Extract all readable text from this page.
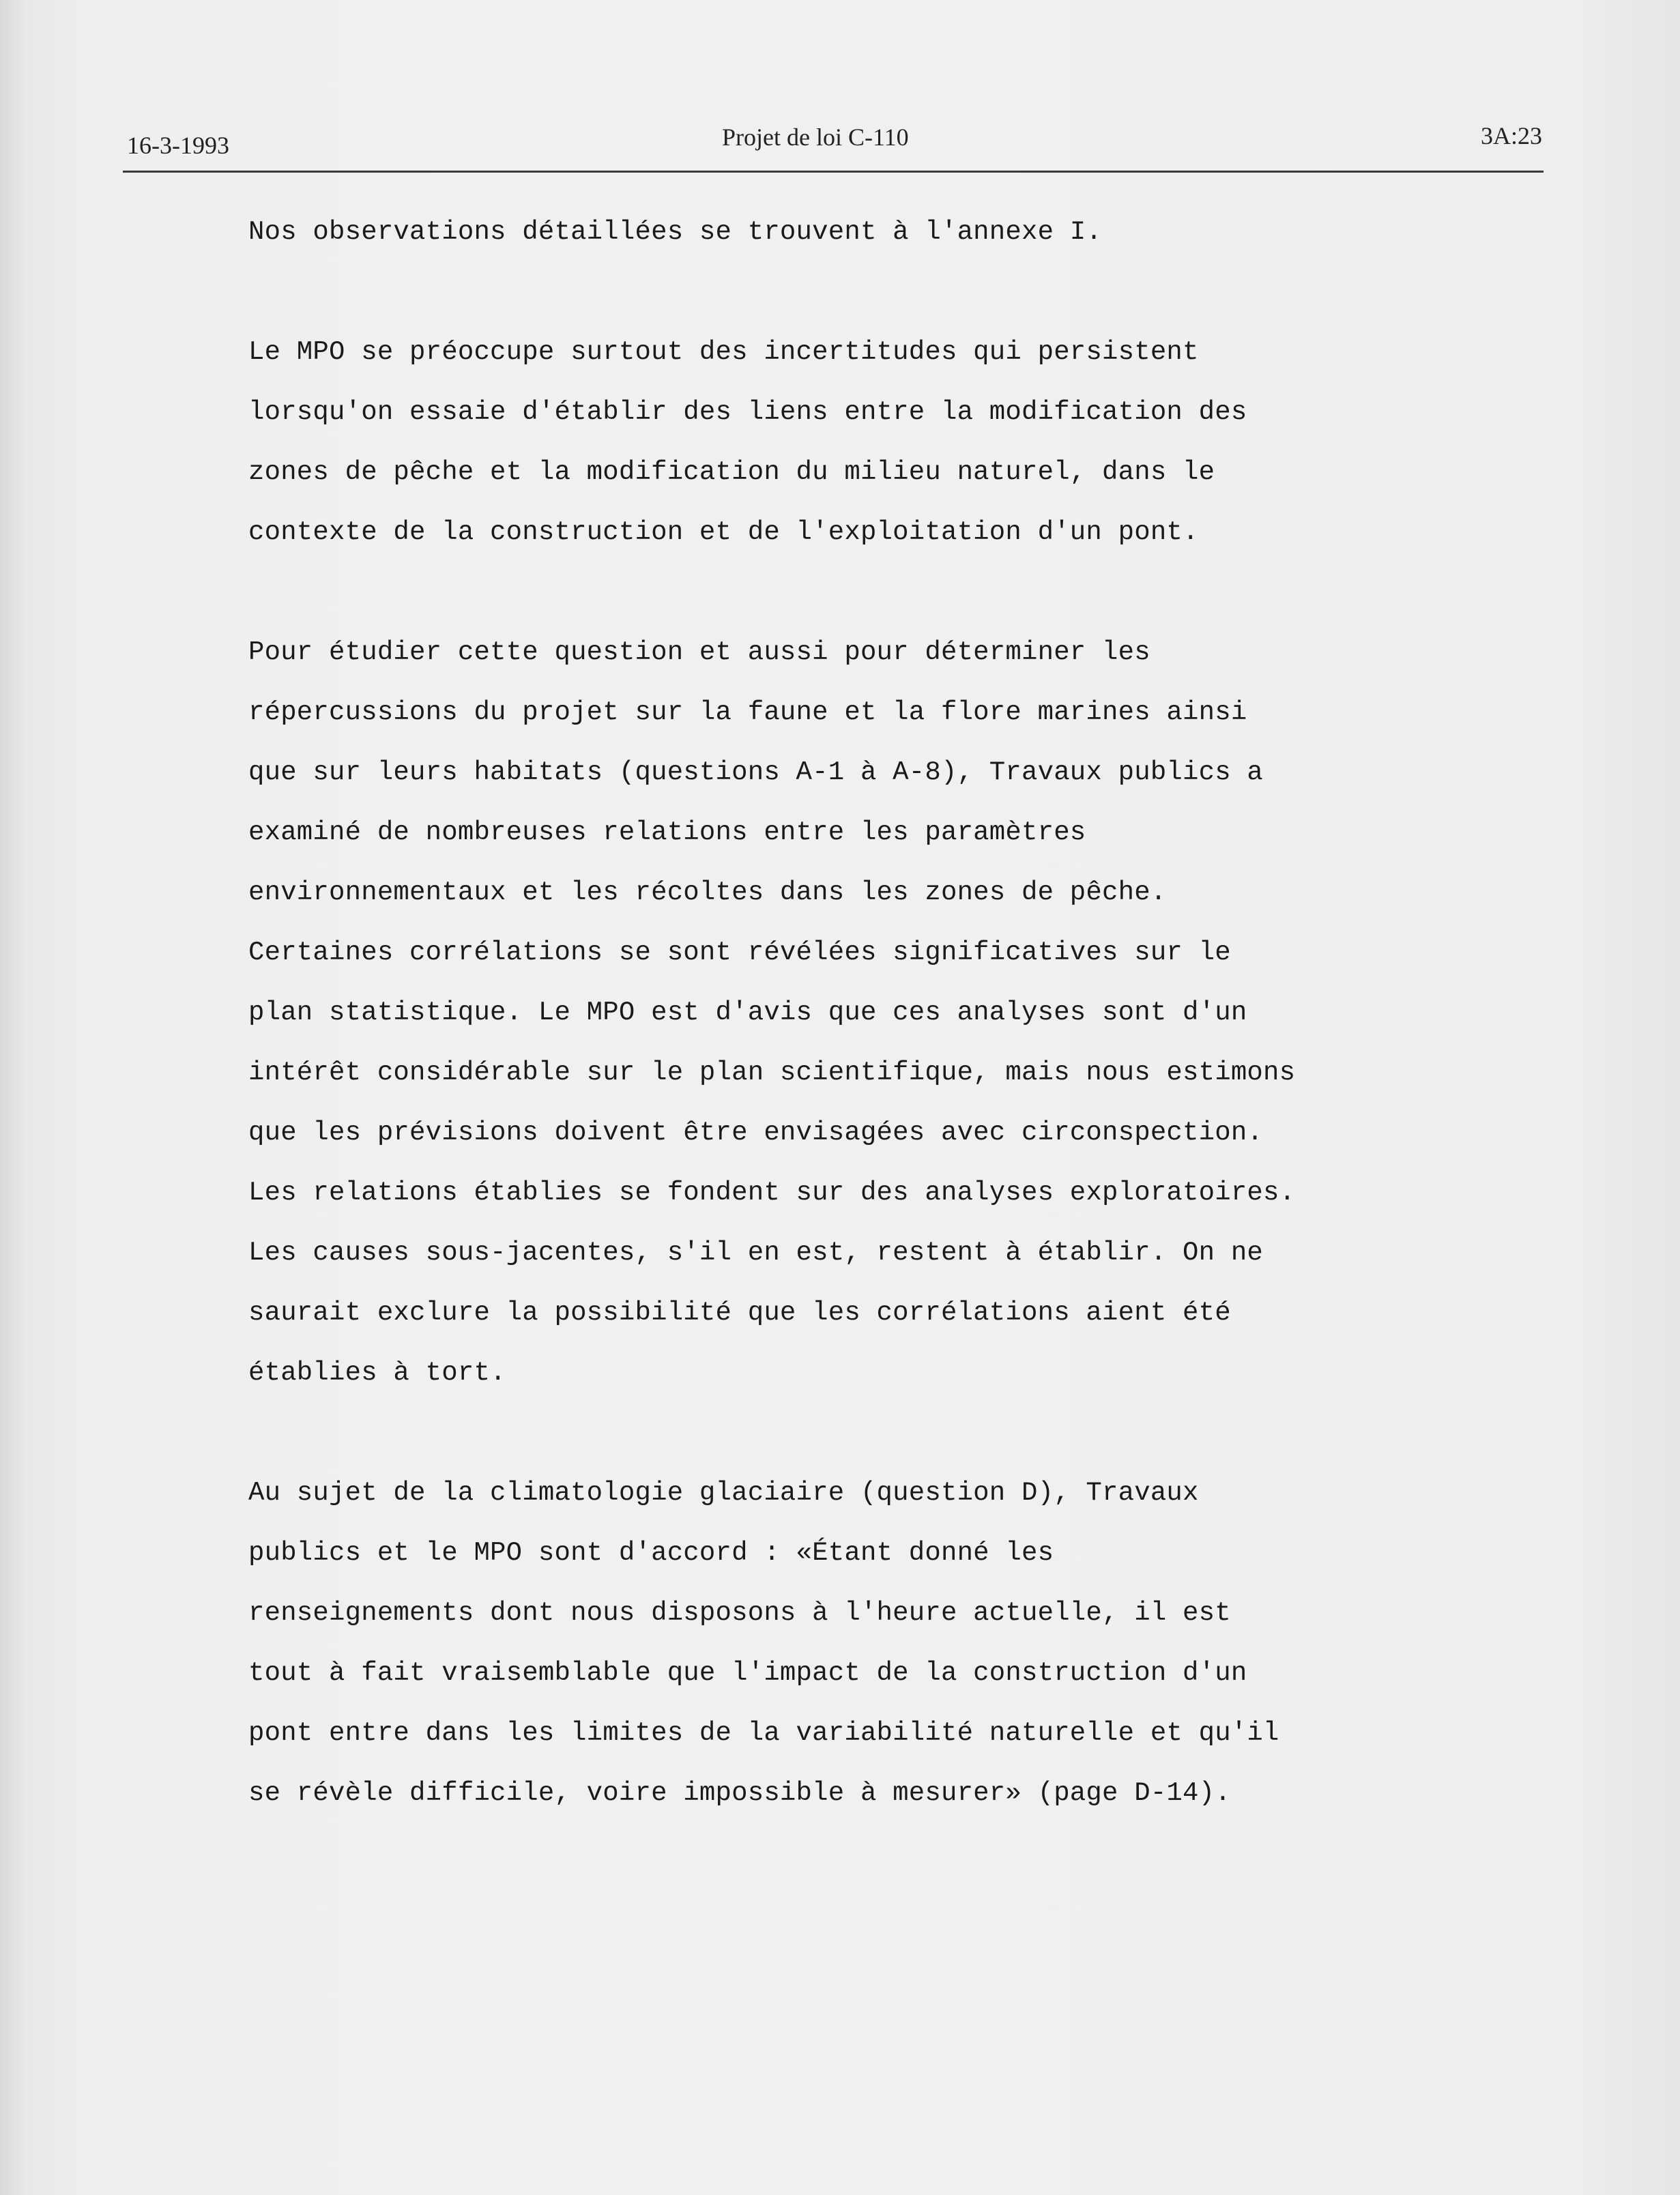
16-3-1993	Projet de loi C-110	3A:23
Nos observations détaillées se trouvent à l'annexe I.
Le MPO se préoccupe surtout des incertitudes qui persistent
lorsqu'on essaie d'établir des liens entre la modification des
zones de pêche et la modification du milieu naturel, dans le
contexte de la construction et de l'exploitation d'un pont.
Pour étudier cette question et aussi pour déterminer les
répercussions du projet sur la faune et la flore marines ainsi
que sur leurs habitats (questions A-1 à A-8), Travaux publics a
examiné de nombreuses relations entre les paramètres
environnementaux et les récoltes dans les zones de pêche.
Certaines corrélations se sont révélées significatives sur le
plan statistique. Le MPO est d'avis que ces analyses sont d'un
intérêt considérable sur le plan scientifique, mais nous estimons
que les prévisions doivent être envisagées avec circonspection.
Les relations établies se fondent sur des analyses exploratoires.
Les causes sous-jacentes, s'il en est, restent à établir. On ne
saurait exclure la possibilité que les corrélations aient été
établies à tort.
Au sujet de la climatologie glaciaire (question D), Travaux
publics et le MPO sont d'accord : «Étant donné les
renseignements dont nous disposons à l'heure actuelle, il est
tout à fait vraisemblable que l'impact de la construction d'un
pont entre dans les limites de la variabilité naturelle et qu'il
se révèle difficile, voire impossible à mesurer» (page D-14).
